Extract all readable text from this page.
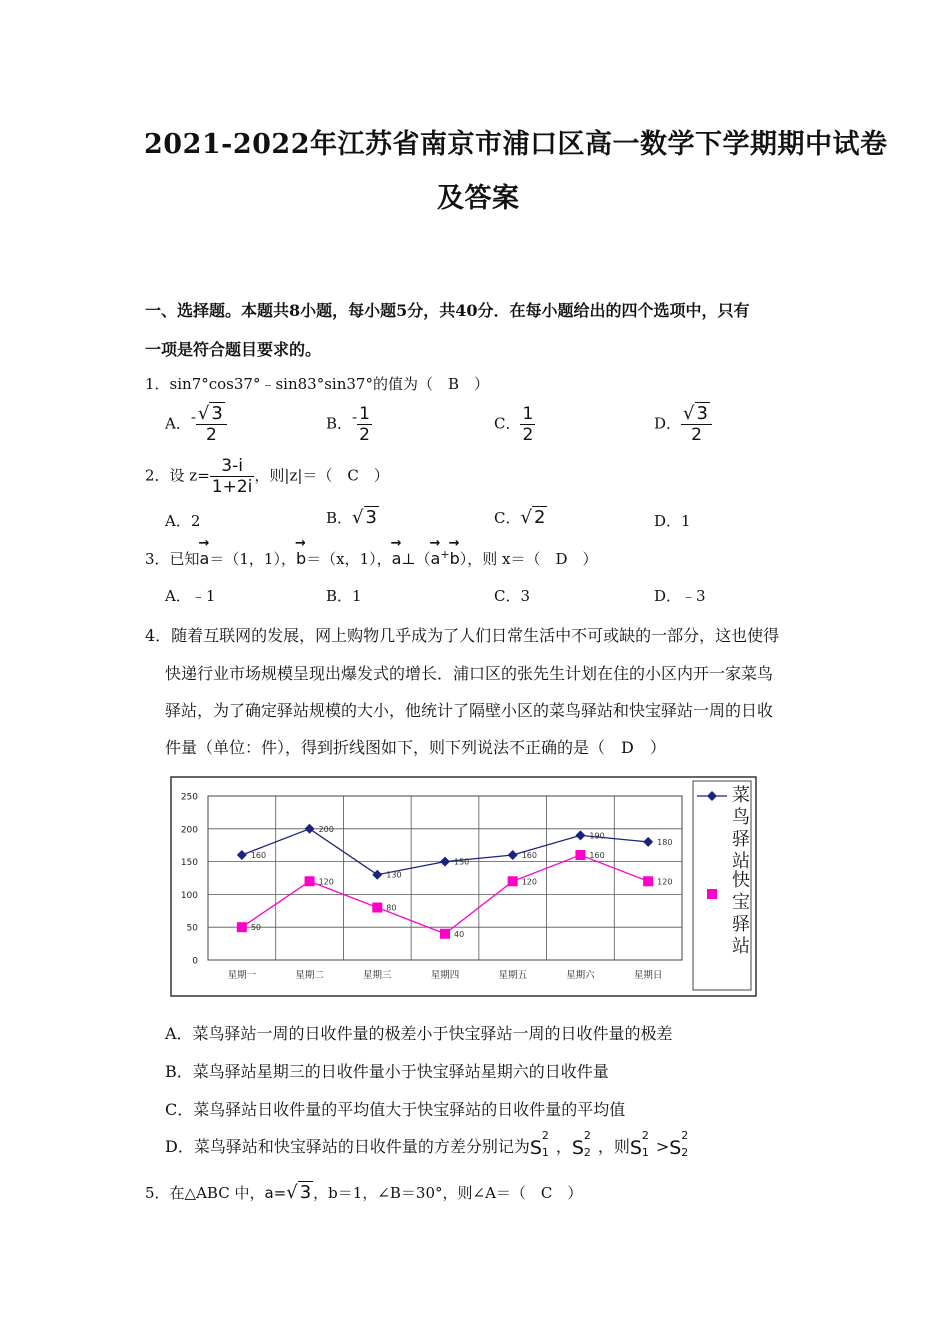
2021-2022年江苏省南京市浦口区高一数学下学期期中试卷
及答案
一、选择题。本题共8小题，每小题5分，共40分．在每小题给出的四个选项中，只有
一项是符合题目要求的。
1．sin7°cos37°﹣sin83°sin37°的值为（　B　）
A．- $\frac{√ 3}{2}$	B．- $\frac{1}{2}$	C． $\frac{1}{2}$	D． $\frac{√ 3}{2}$
2．设 $z= \frac{3-i}{1+2i}$ ，则|z|＝（　C　）
A．2	B．√ 3	C．√ 2	D．1
3．已知→ a＝（1，1），→ b＝（x，1），→ a⊥（→ a+→ b），则 x＝（　D　）
A．﹣1	B．1	C．3	D．﹣3
4．随着互联网的发展，网上购物几乎成为了人们日常生活中不可或缺的一部分，这也使得
快递行业市场规模呈现出爆发式的增长．浦口区的张先生计划在住的小区内开一家菜鸟
驿站，为了确定驿站规模的大小，他统计了隔壁小区的菜鸟驿站和快宝驿站一周的日收
件量（单位：件），得到折线图如下，则下列说法不正确的是（　D　）
0
50
100
150
200
250
星期一	星期二	星期三	星期四	星期五	星期六	星期日
160
200
130
150
160
190
180
50
120
80
40
120
160
120
菜
鸟
驿
站
快
宝
驿
站
A．菜鸟驿站一周的日收件量的极差小于快宝驿站一周的日收件量的极差
B．菜鸟驿站星期三的日收件量小于快宝驿站星期六的日收件量
C．菜鸟驿站日收件量的平均值大于快宝驿站的日收件量的平均值
D．菜鸟驿站和快宝驿站的日收件量的方差分别记为 S
2
1 ， S
2
2 ，则 S
2
1 > S
2
2
5．在△ABC 中，a=√ 3 ，b＝1，∠B＝30°，则∠A＝（　C　）
